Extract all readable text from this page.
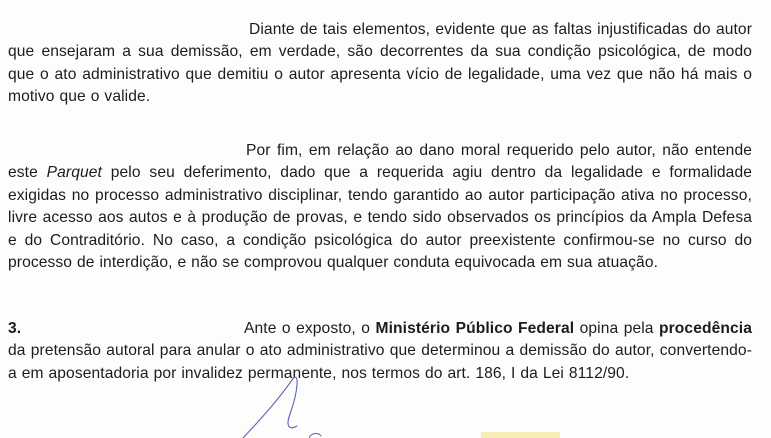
Diante de tais elementos, evidente que as faltas injustificadas do autor que ensejaram a sua demissão, em verdade, são decorrentes da sua condição psicológica, de modo que o ato administrativo que demitiu o autor apresenta vício de legalidade, uma vez que não há mais o motivo que o valide.

Por fim, em relação ao dano moral requerido pelo autor, não entende este Parquet pelo seu deferimento, dado que a requerida agiu dentro da legalidade e formalidade exigidas no processo administrativo disciplinar, tendo garantido ao autor participação ativa no processo, livre acesso aos autos e à produção de provas, e tendo sido observados os princípios da Ampla Defesa e do Contraditório. No caso, a condição psicológica do autor preexistente confirmou-se no curso do processo de interdição, e não se comprovou qualquer conduta equivocada em sua atuação.

3.	Ante o exposto, o Ministério Público Federal opina pela procedência da pretensão autoral para anular o ato administrativo que determinou a demissão do autor, convertendo-a em aposentadoria por invalidez permanente, nos termos do art. 186, I da Lei 8112/90.
